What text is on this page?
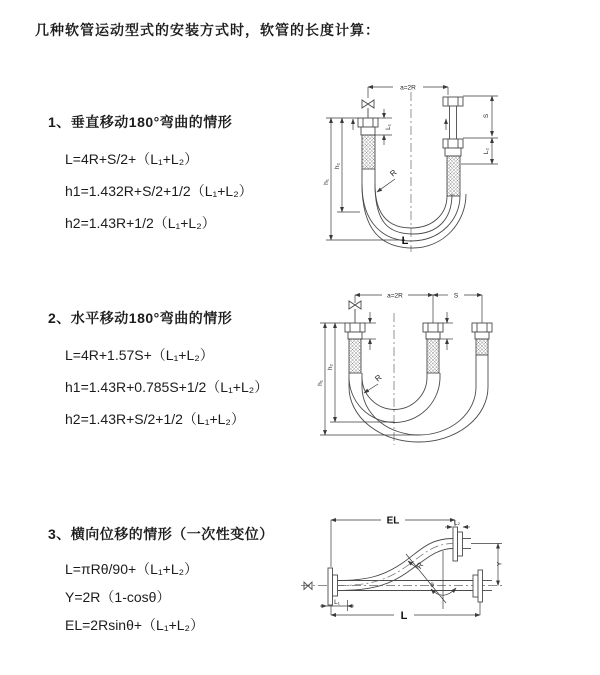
几种软管运动型式的安装方式时，软管的长度计算：
1、垂直移动180°弯曲的情形
L=4R+S/2+（L₁+L₂）
h1=1.432R+S/2+1/2（L₁+L₂）
h2=1.43R+1/2（L₁+L₂）
2、水平移动180°弯曲的情形
L=4R+1.57S+（L₁+L₂）
h1=1.43R+0.785S+1/2（L₁+L₂）
h2=1.43R+S/2+1/2（L₁+L₂）
3、横向位移的情形（一次性变位）
L=πRθ/90+（L₁+L₂）
Y=2R（1-cosθ）
EL=2Rsinθ+（L₁+L₂）
a=2R
h₁
h₂
L₁
S
L₂
R
L
a=2R	S
h₁
h₂
R
EL	L₂
Y
θ
R
L₁
L
